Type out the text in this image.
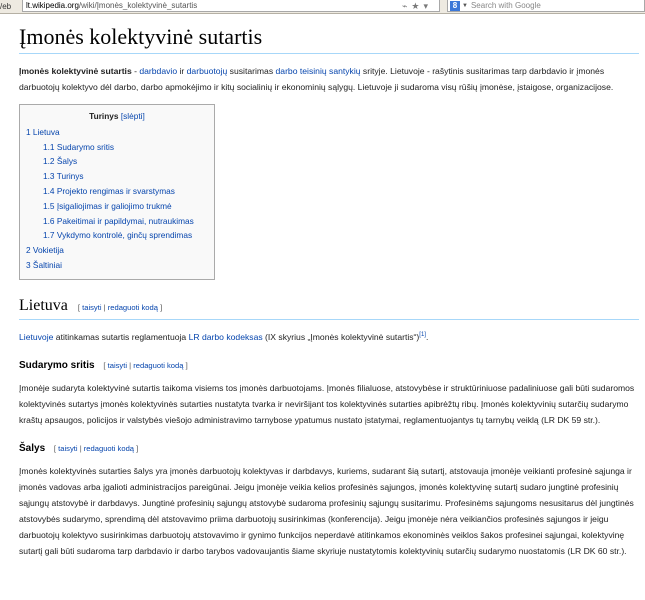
/eb	lt.wikipedia.org/wiki/Įmonės_kolektyvinė_sutartis	⌁ ★ ▾	8 ▼ Search with Google
Įmonės kolektyvinė sutartis

Įmonės kolektyvinė sutartis - darbdavio ir darbuotojų susitarimas darbo teisinių santykių srityje. Lietuvoje - rašytinis susitarimas tarp darbdavio ir įmonės darbuotojų kolektyvo dėl darbo, darbo apmokėjimo ir kitų socialinių ir ekonominių sąlygų. Lietuvoje ji sudaroma visų rūšių įmonėse, įstaigose, organizacijose.

Turinys [slėpti]
1 Lietuva
1.1 Sudarymo sritis
1.2 Šalys
1.3 Turinys
1.4 Projekto rengimas ir svarstymas
1.5 Įsigaliojimas ir galiojimo trukmė
1.6 Pakeitimai ir papildymai, nutraukimas
1.7 Vykdymo kontrolė, ginčų sprendimas
2 Vokietija
3 Šaltiniai
Lietuva [ taisyti | redaguoti kodą ]

Lietuvoje atitinkamas sutartis reglamentuoja LR darbo kodeksas (IX skyrius „Įmonės kolektyvinė sutartis“)[1].

Sudarymo sritis [ taisyti | redaguoti kodą ]

Įmonėje sudaryta kolektyvinė sutartis taikoma visiems tos įmonės darbuotojams. Įmonės filialuose, atstovybėse ir struktūriniuose padaliniuose gali būti sudaromos kolektyvinės sutartys įmonės kolektyvinės sutarties nustatyta tvarka ir neviršijant tos kolektyvinės sutarties apibrėžtų ribų. Įmonės kolektyvinių sutarčių sudarymo kraštų apsaugos, policijos ir valstybės viešojo administravimo tarnybose ypatumus nustato įstatymai, reglamentuojantys tų tarnybų veiklą (LR DK 59 str.).

Šalys [ taisyti | redaguoti kodą ]

Įmonės kolektyvinės sutarties šalys yra įmonės darbuotojų kolektyvas ir darbdavys, kuriems, sudarant šią sutartį, atstovauja įmonėje veikianti profesinė sąjunga ir įmonės vadovas arba įgalioti administracijos pareigūnai. Jeigu įmonėje veikia kelios profesinės sąjungos, įmonės kolektyvinę sutartį sudaro jungtinė profesinių sąjungų atstovybė ir darbdavys. Jungtinė profesinių sąjungų atstovybė sudaroma profesinių sąjungų susitarimu. Profesinėms sąjungoms nesusitarus dėl jungtinės atstovybės sudarymo, sprendimą dėl atstovavimo priima darbuotojų susirinkimas (konferencija). Jeigu įmonėje nėra veikiančios profesinės sąjungos ir jeigu darbuotojų kolektyvo susirinkimas darbuotojų atstovavimo ir gynimo funkcijos neperdavė atitinkamos ekonominės veiklos šakos profesinei sąjungai, kolektyvinę sutartį gali būti sudaroma tarp darbdavio ir darbo tarybos vadovaujantis šiame skyriuje nustatytomis kolektyvinių sutarčių sudarymo nuostatomis (LR DK 60 str.).
